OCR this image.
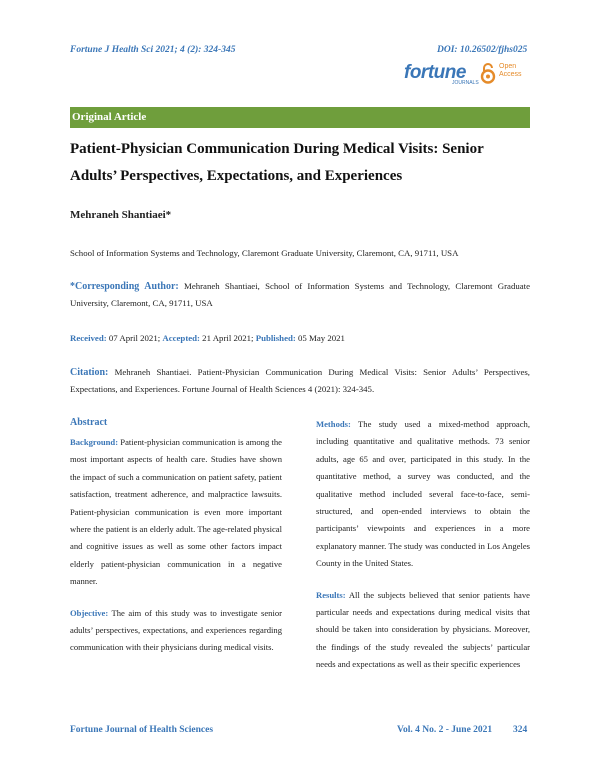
Fortune J Health Sci 2021; 4 (2): 324-345	DOI: 10.26502/fjhs025
fortune
JOURNALS
Open
Access
Original Article
Patient-Physician Communication During Medical Visits: Senior
Adults’ Perspectives, Expectations, and Experiences
Mehraneh Shantiaei*
School of Information Systems and Technology, Claremont Graduate University, Claremont, CA, 91711, USA
*Corresponding Author: Mehraneh Shantiaei, School of Information Systems and Technology, Claremont Graduate University, Claremont, CA, 91711, USA
Received: 07 April 2021; Accepted: 21 April 2021; Published: 05 May 2021
Citation: Mehraneh Shantiaei. Patient-Physician Communication During Medical Visits: Senior Adults’ Perspectives, Expectations, and Experiences. Fortune Journal of Health Sciences 4 (2021): 324-345.
Abstract

Background: Patient-physician communication is among the most important aspects of health care. Studies have shown the impact of such a communication on patient safety, patient satisfaction, treatment adherence, and malpractice lawsuits. Patient-physician communication is even more important where the patient is an elderly adult. The age-related physical and cognitive issues as well as some other factors impact elderly patient-physician communication in a negative manner.

Objective: The aim of this study was to investigate senior adults’ perspectives, expectations, and experiences regarding communication with their physicians during medical visits.

Methods: The study used a mixed-method approach, including quantitative and qualitative methods. 73 senior adults, age 65 and over, participated in this study. In the quantitative method, a survey was conducted, and the qualitative method included several face-to-face, semi-structured, and open-ended interviews to obtain the participants’ viewpoints and experiences in a more explanatory manner. The study was conducted in Los Angeles County in the United States.

Results: All the subjects believed that senior patients have particular needs and expectations during medical visits that should be taken into consideration by physicians. Moreover, the findings of the study revealed the subjects’ particular needs and expectations as well as their specific experiences

Fortune Journal of Health Sciences	Vol. 4 No. 2 - June 2021 324
